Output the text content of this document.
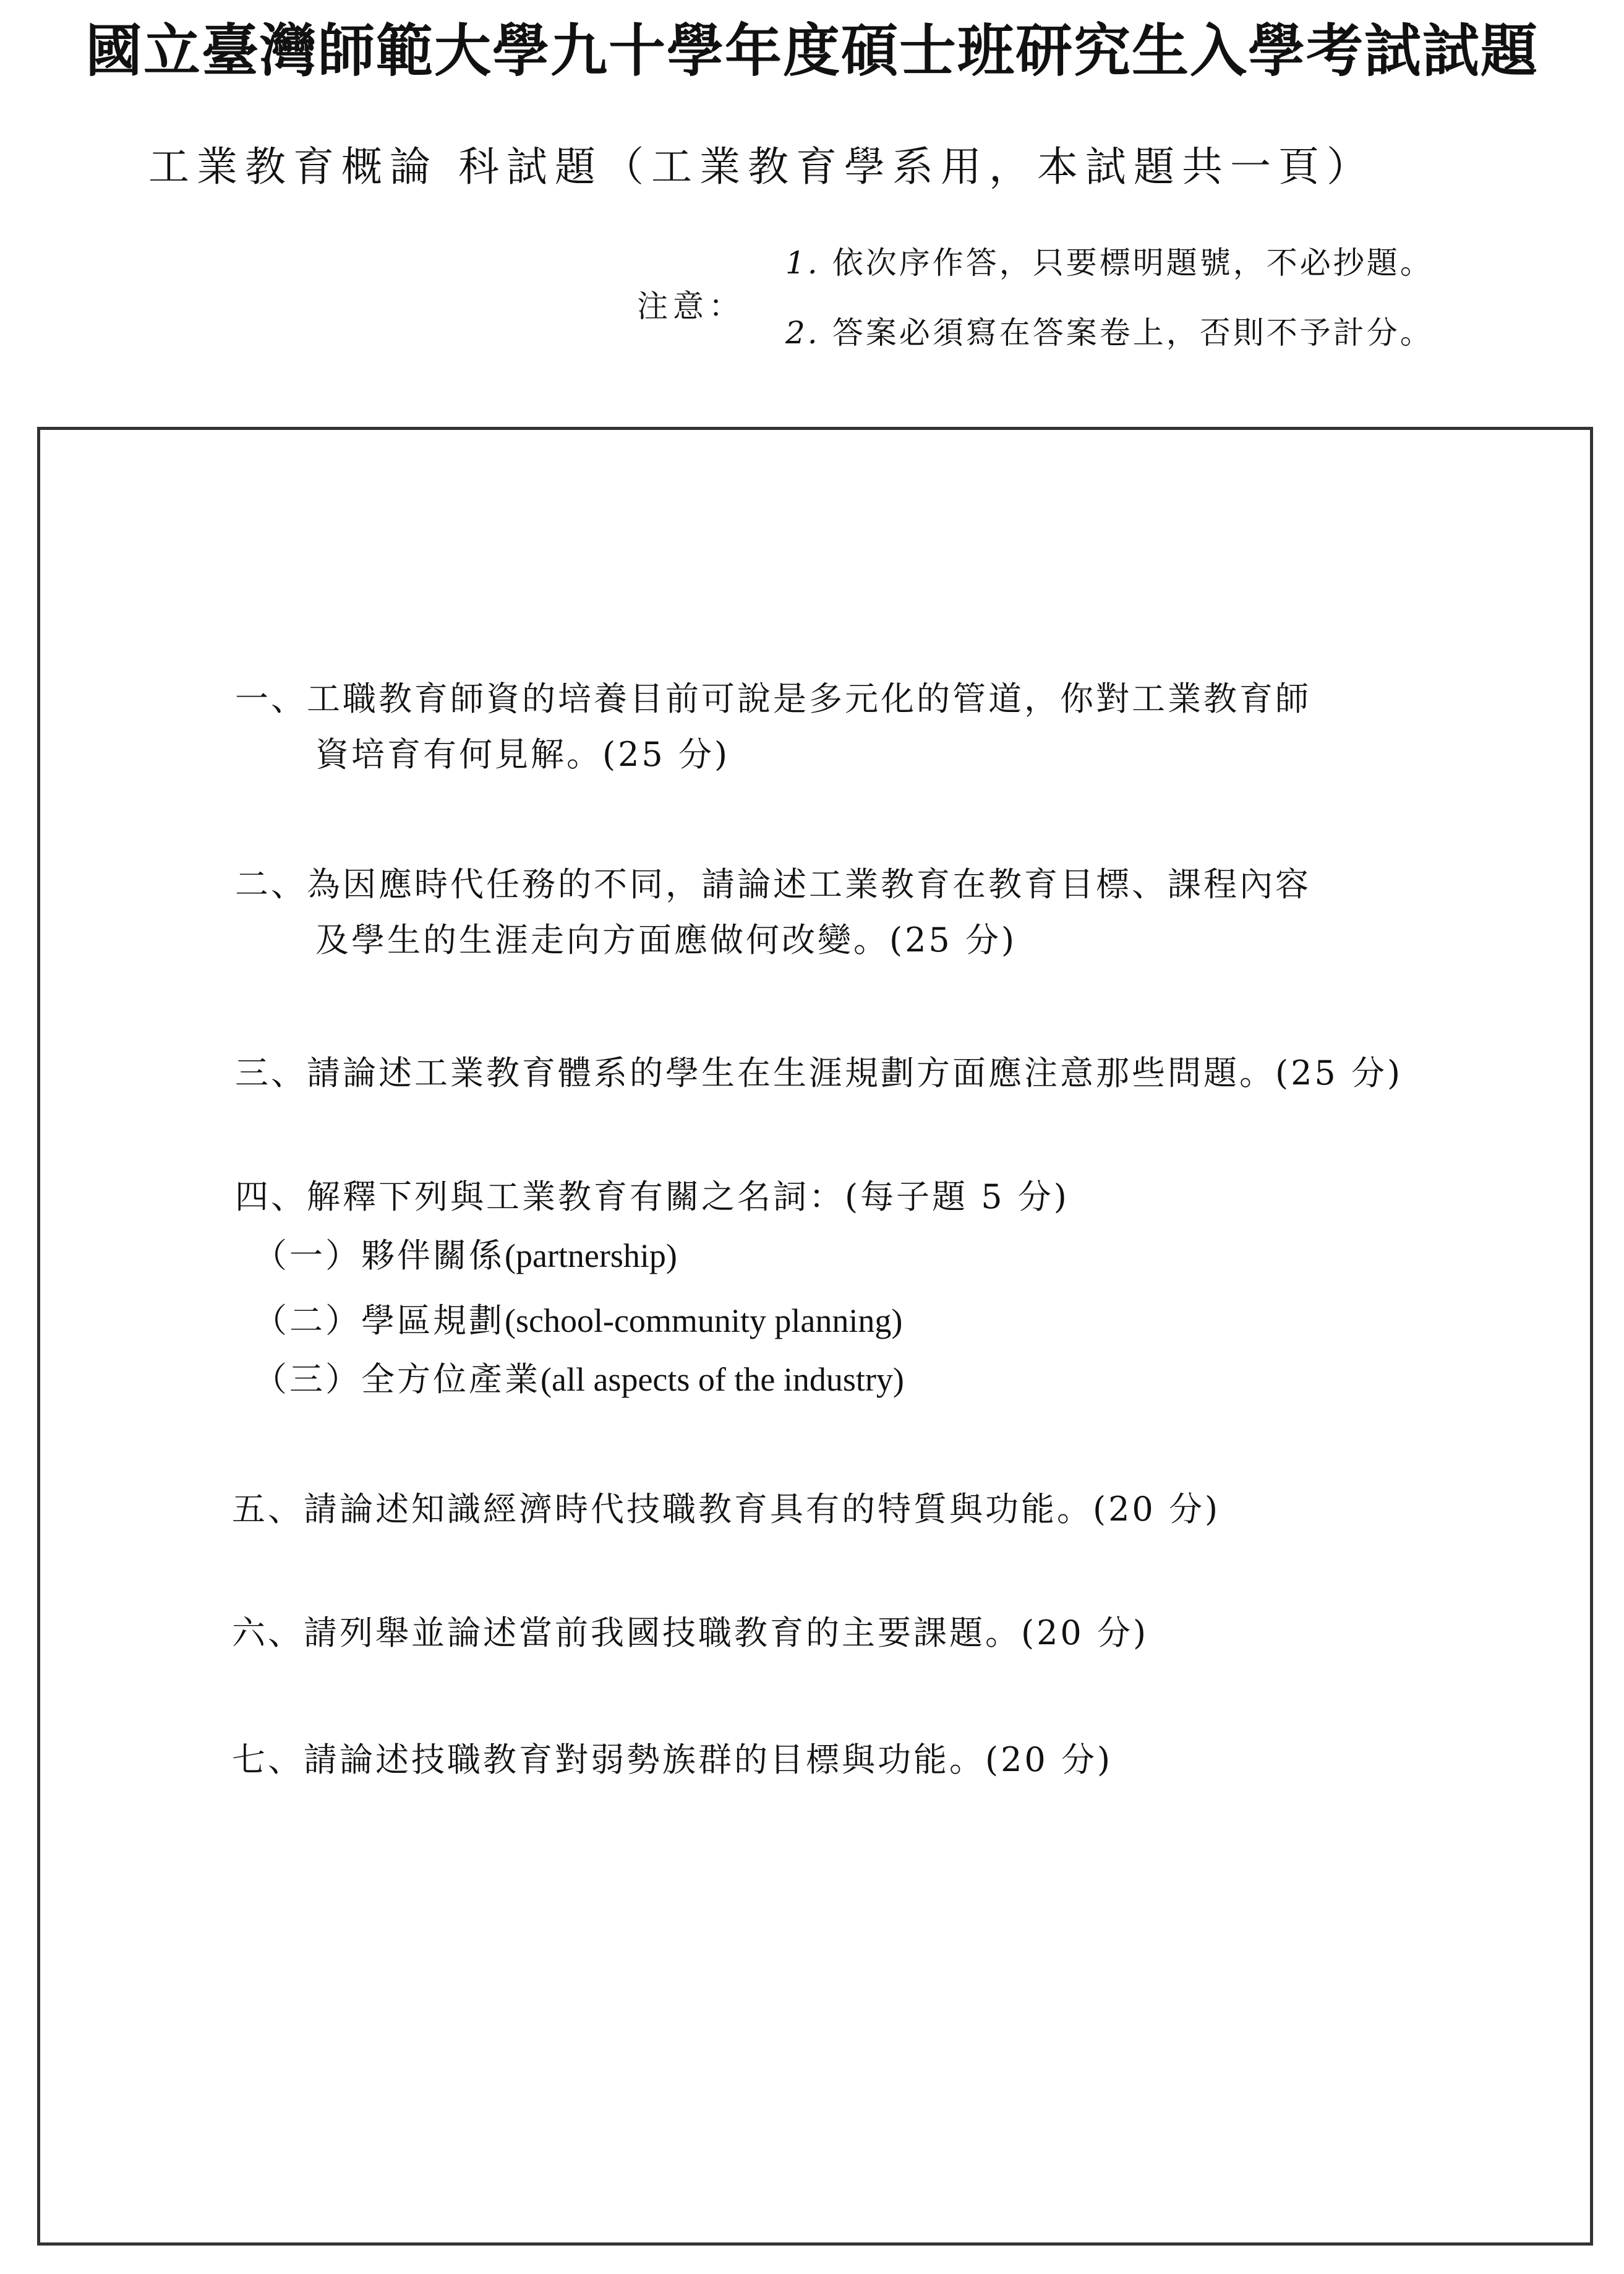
國立臺灣師範大學九十學年度碩士班研究生入學考試試題
工業教育概論 科試題（工業教育學系用，本試題共一頁）
注意：
1. 依次序作答，只要標明題號，不必抄題。
2. 答案必須寫在答案卷上，否則不予計分。
一、工職教育師資的培養目前可說是多元化的管道，你對工業教育師
資培育有何見解。(25 分)
二、為因應時代任務的不同，請論述工業教育在教育目標、課程內容
及學生的生涯走向方面應做何改變。(25 分)
三、請論述工業教育體系的學生在生涯規劃方面應注意那些問題。(25 分)
四、解釋下列與工業教育有關之名詞：(每子題 5 分)
（一）夥伴關係(partnership)
（二）學區規劃(school-community planning)
（三）全方位產業(all aspects of the industry)
五、請論述知識經濟時代技職教育具有的特質與功能。(20 分)
六、請列舉並論述當前我國技職教育的主要課題。(20 分)
七、請論述技職教育對弱勢族群的目標與功能。(20 分)
